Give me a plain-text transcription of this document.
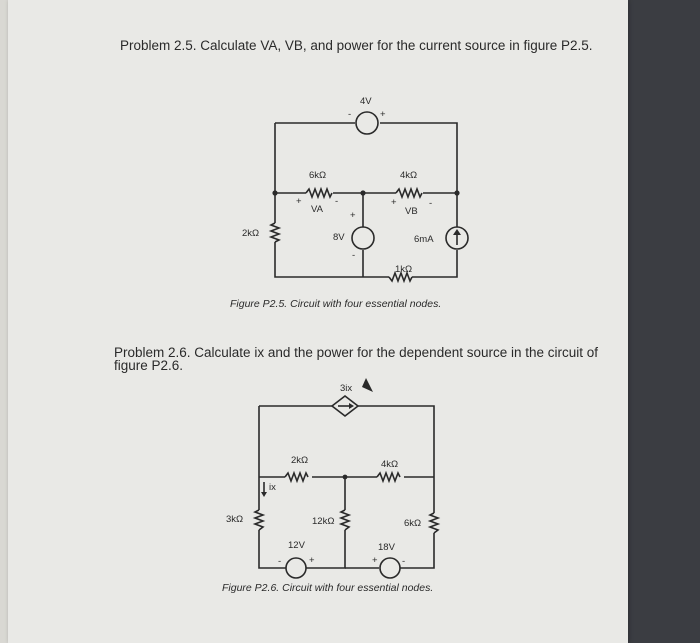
Problem 2.5. Calculate VA, VB, and power for the current source in figure P2.5.
4V
-	+
6kΩ	4kΩ
+
VA
-	+
VB
-
+
8V
-
2kΩ
6mA
1kΩ
3ix
2kΩ	4kΩ
ix
3kΩ	12kΩ	6kΩ
12V	18V
-	+	+	-
Figure P2.5. Circuit with four essential nodes.
Problem 2.6. Calculate ix and the power for the dependent source in the circuit of
figure P2.6.
Figure P2.6. Circuit with four essential nodes.
